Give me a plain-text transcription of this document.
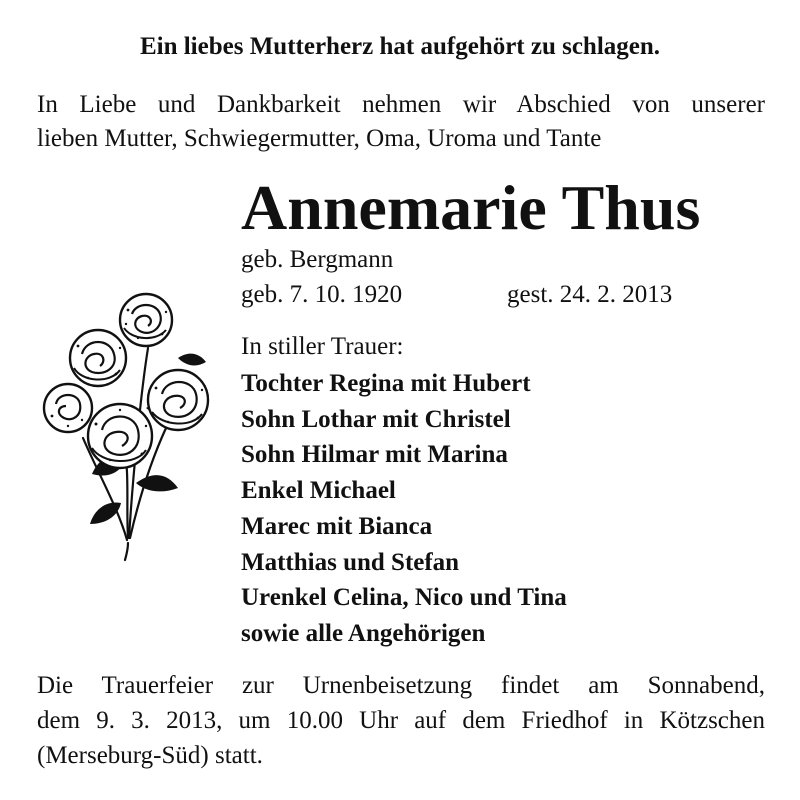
Ein liebes Mutterherz hat aufgehört zu schlagen.
In Liebe und Dankbarkeit nehmen wir Abschied von unserer
lieben Mutter, Schwiegermutter, Oma, Uroma und Tante
Annemarie Thus
geb. Bergmann
geb. 7. 10. 1920	gest. 24. 2. 2013
In stiller Trauer:
Tochter Regina mit Hubert
Sohn Lothar mit Christel
Sohn Hilmar mit Marina
Enkel Michael
Marec mit Bianca
Matthias und Stefan
Urenkel Celina, Nico und Tina
sowie alle Angehörigen
Die Trauerfeier zur Urnenbeisetzung findet am Sonnabend,
dem 9. 3. 2013, um 10.00 Uhr auf dem Friedhof in Kötzschen
(Merseburg-Süd) statt.
